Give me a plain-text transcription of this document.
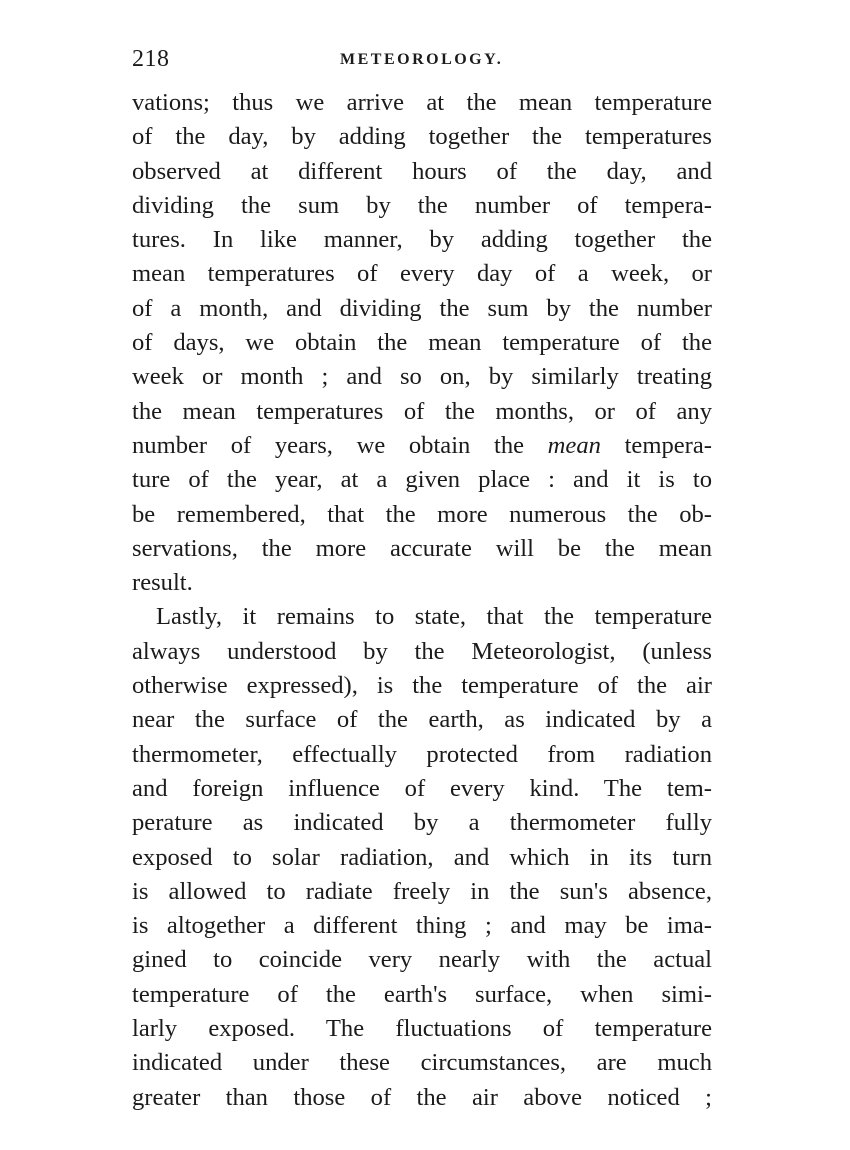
218	METEOROLOGY.
vations; thus we arrive at the mean temperature
of the day, by adding together the temperatures
observed at different hours of the day, and
dividing the sum by the number of tempera-
tures. In like manner, by adding together the
mean temperatures of every day of a week, or
of a month, and dividing the sum by the number
of days, we obtain the mean temperature of the
week or month ; and so on, by similarly treating
the mean temperatures of the months, or of any
number of years, we obtain the mean tempera-
ture of the year, at a given place : and it is to
be remembered, that the more numerous the ob-
servations, the more accurate will be the mean
result.
Lastly, it remains to state, that the temperature
always understood by the Meteorologist, (unless
otherwise expressed), is the temperature of the air
near the surface of the earth, as indicated by a
thermometer, effectually protected from radiation
and foreign influence of every kind. The tem-
perature as indicated by a thermometer fully
exposed to solar radiation, and which in its turn
is allowed to radiate freely in the sun's absence,
is altogether a different thing ; and may be ima-
gined to coincide very nearly with the actual
temperature of the earth's surface, when simi-
larly exposed. The fluctuations of temperature
indicated under these circumstances, are much
greater than those of the air above noticed ;
